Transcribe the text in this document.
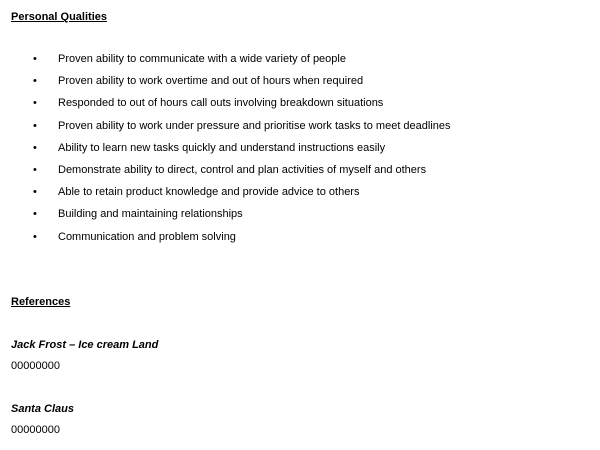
Personal Qualities
• Proven ability to communicate with a wide variety of people
• Proven ability to work overtime and out of hours when required
• Responded to out of hours call outs involving breakdown situations
• Proven ability to work under pressure and prioritise work tasks to meet deadlines
• Ability to learn new tasks quickly and understand instructions easily
• Demonstrate ability to direct, control and plan activities of myself and others
• Able to retain product knowledge and provide advice to others
• Building and maintaining relationships
• Communication and problem solving
References
Jack Frost – Ice cream Land
00000000
Santa Claus
00000000
